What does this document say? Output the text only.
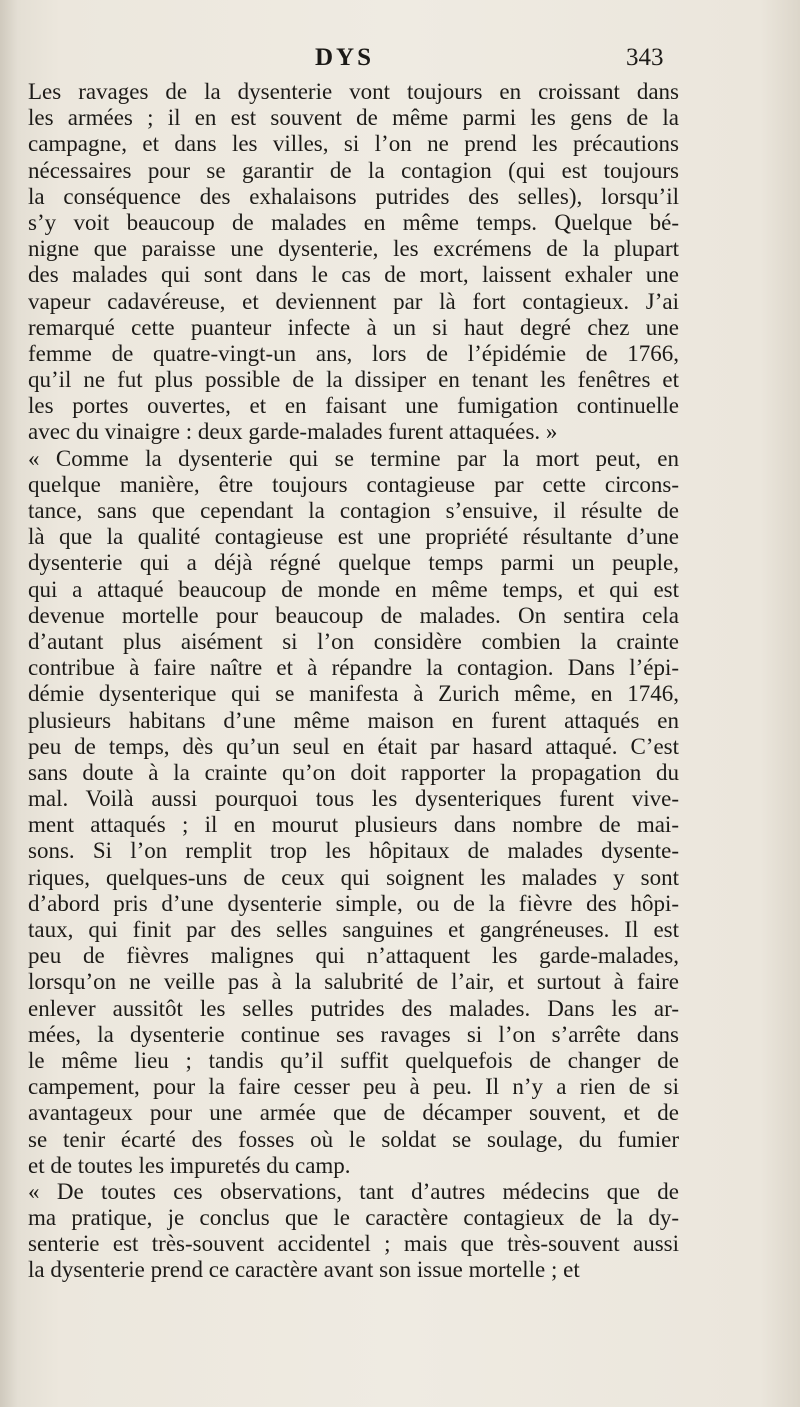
DYS	343
Les ravages de la dysenterie vont toujours en croissant dans
les armées ; il en est souvent de même parmi les gens de la
campagne, et dans les villes, si l’on ne prend les précautions
nécessaires pour se garantir de la contagion (qui est toujours
la conséquence des exhalaisons putrides des selles), lorsqu’il
s’y voit beaucoup de malades en même temps. Quelque bé-
nigne que paraisse une dysenterie, les excrémens de la plupart
des malades qui sont dans le cas de mort, laissent exhaler une
vapeur cadavéreuse, et deviennent par là fort contagieux. J’ai
remarqué cette puanteur infecte à un si haut degré chez une
femme de quatre-vingt-un ans, lors de l’épidémie de 1766,
qu’il ne fut plus possible de la dissiper en tenant les fenêtres et
les portes ouvertes, et en faisant une fumigation continuelle
avec du vinaigre : deux garde-malades furent attaquées. »
« Comme la dysenterie qui se termine par la mort peut, en
quelque manière, être toujours contagieuse par cette circons-
tance, sans que cependant la contagion s’ensuive, il résulte de
là que la qualité contagieuse est une propriété résultante d’une
dysenterie qui a déjà régné quelque temps parmi un peuple,
qui a attaqué beaucoup de monde en même temps, et qui est
devenue mortelle pour beaucoup de malades. On sentira cela
d’autant plus aisément si l’on considère combien la crainte
contribue à faire naître et à répandre la contagion. Dans l’épi-
démie dysenterique qui se manifesta à Zurich même, en 1746,
plusieurs habitans d’une même maison en furent attaqués en
peu de temps, dès qu’un seul en était par hasard attaqué. C’est
sans doute à la crainte qu’on doit rapporter la propagation du
mal. Voilà aussi pourquoi tous les dysenteriques furent vive-
ment attaqués ; il en mourut plusieurs dans nombre de mai-
sons. Si l’on remplit trop les hôpitaux de malades dysente-
riques, quelques-uns de ceux qui soignent les malades y sont
d’abord pris d’une dysenterie simple, ou de la fièvre des hôpi-
taux, qui finit par des selles sanguines et gangréneuses. Il est
peu de fièvres malignes qui n’attaquent les garde-malades,
lorsqu’on ne veille pas à la salubrité de l’air, et surtout à faire
enlever aussitôt les selles putrides des malades. Dans les ar-
mées, la dysenterie continue ses ravages si l’on s’arrête dans
le même lieu ; tandis qu’il suffit quelquefois de changer de
campement, pour la faire cesser peu à peu. Il n’y a rien de si
avantageux pour une armée que de décamper souvent, et de
se tenir écarté des fosses où le soldat se soulage, du fumier
et de toutes les impuretés du camp.
« De toutes ces observations, tant d’autres médecins que de
ma pratique, je conclus que le caractère contagieux de la dy-
senterie est très-souvent accidentel ; mais que très-souvent aussi
la dysenterie prend ce caractère avant son issue mortelle ; et
